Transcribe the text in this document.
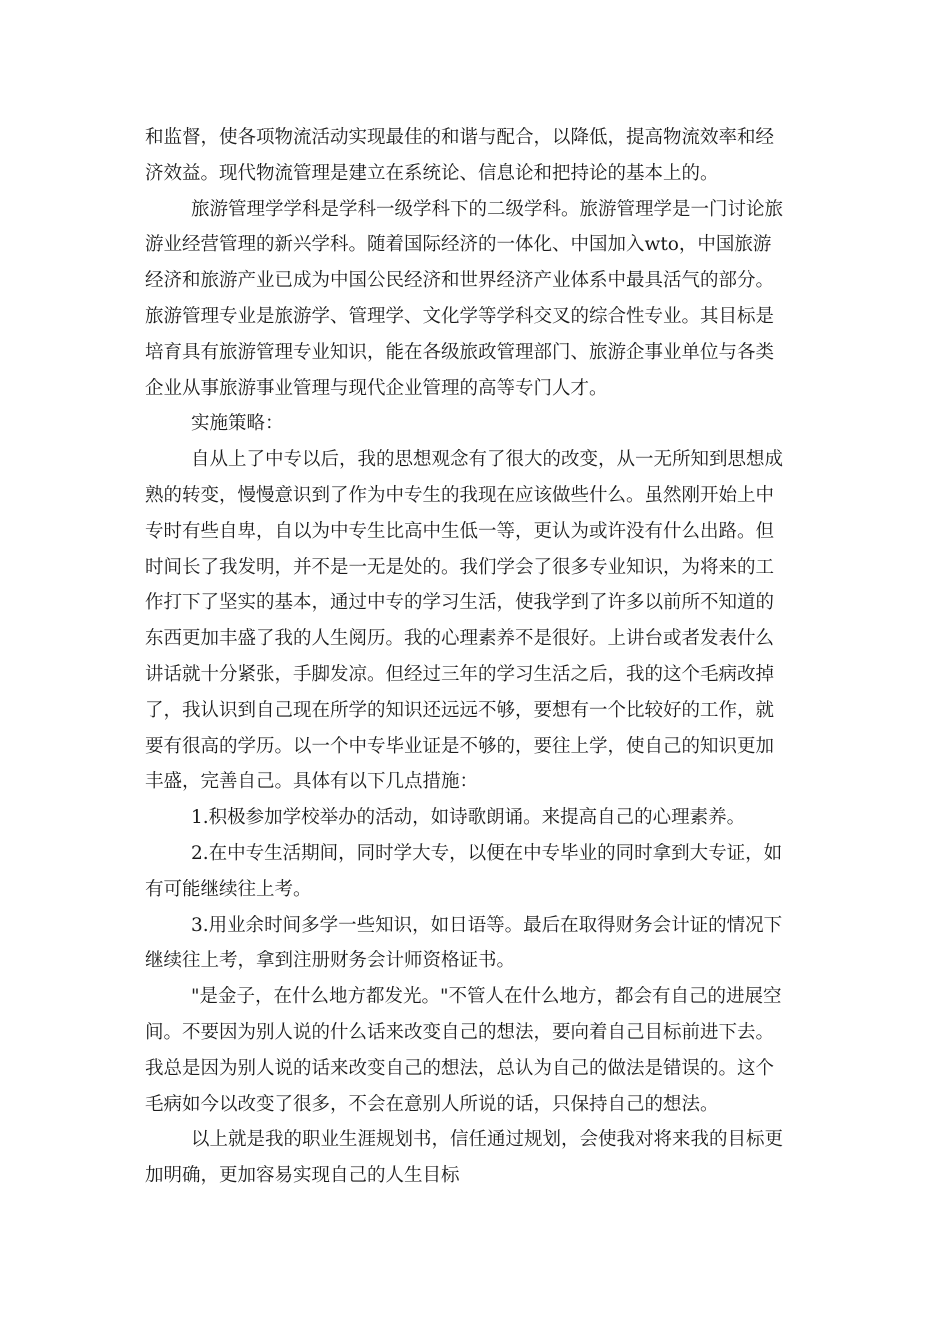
和监督，使各项物流活动实现最佳的和谐与配合，以降低，提高物流效率和经
济效益。现代物流管理是建立在系统论、信息论和把持论的基本上的。
旅游管理学学科是学科一级学科下的二级学科。旅游管理学是一门讨论旅
游业经营管理的新兴学科。随着国际经济的一体化、中国加入wto，中国旅游
经济和旅游产业已成为中国公民经济和世界经济产业体系中最具活气的部分。
旅游管理专业是旅游学、管理学、文化学等学科交叉的综合性专业。其目标是
培育具有旅游管理专业知识，能在各级旅政管理部门、旅游企事业单位与各类
企业从事旅游事业管理与现代企业管理的高等专门人才。
实施策略：
自从上了中专以后，我的思想观念有了很大的改变，从一无所知到思想成
熟的转变，慢慢意识到了作为中专生的我现在应该做些什么。虽然刚开始上中
专时有些自卑，自以为中专生比高中生低一等，更认为或许没有什么出路。但
时间长了我发明，并不是一无是处的。我们学会了很多专业知识，为将来的工
作打下了坚实的基本，通过中专的学习生活，使我学到了许多以前所不知道的
东西更加丰盛了我的人生阅历。我的心理素养不是很好。上讲台或者发表什么
讲话就十分紧张，手脚发凉。但经过三年的学习生活之后，我的这个毛病改掉
了，我认识到自己现在所学的知识还远远不够，要想有一个比较好的工作，就
要有很高的学历。以一个中专毕业证是不够的，要往上学，使自己的知识更加
丰盛，完善自己。具体有以下几点措施：
1.积极参加学校举办的活动，如诗歌朗诵。来提高自己的心理素养。
2.在中专生活期间，同时学大专，以便在中专毕业的同时拿到大专证，如
有可能继续往上考。
3.用业余时间多学一些知识，如日语等。最后在取得财务会计证的情况下
继续往上考，拿到注册财务会计师资格证书。
"是金子，在什么地方都发光。"不管人在什么地方，都会有自己的进展空
间。不要因为别人说的什么话来改变自己的想法，要向着自己目标前进下去。
我总是因为别人说的话来改变自己的想法，总认为自己的做法是错误的。这个
毛病如今以改变了很多，不会在意别人所说的话，只保持自己的想法。
以上就是我的职业生涯规划书，信任通过规划，会使我对将来我的目标更
加明确，更加容易实现自己的人生目标
